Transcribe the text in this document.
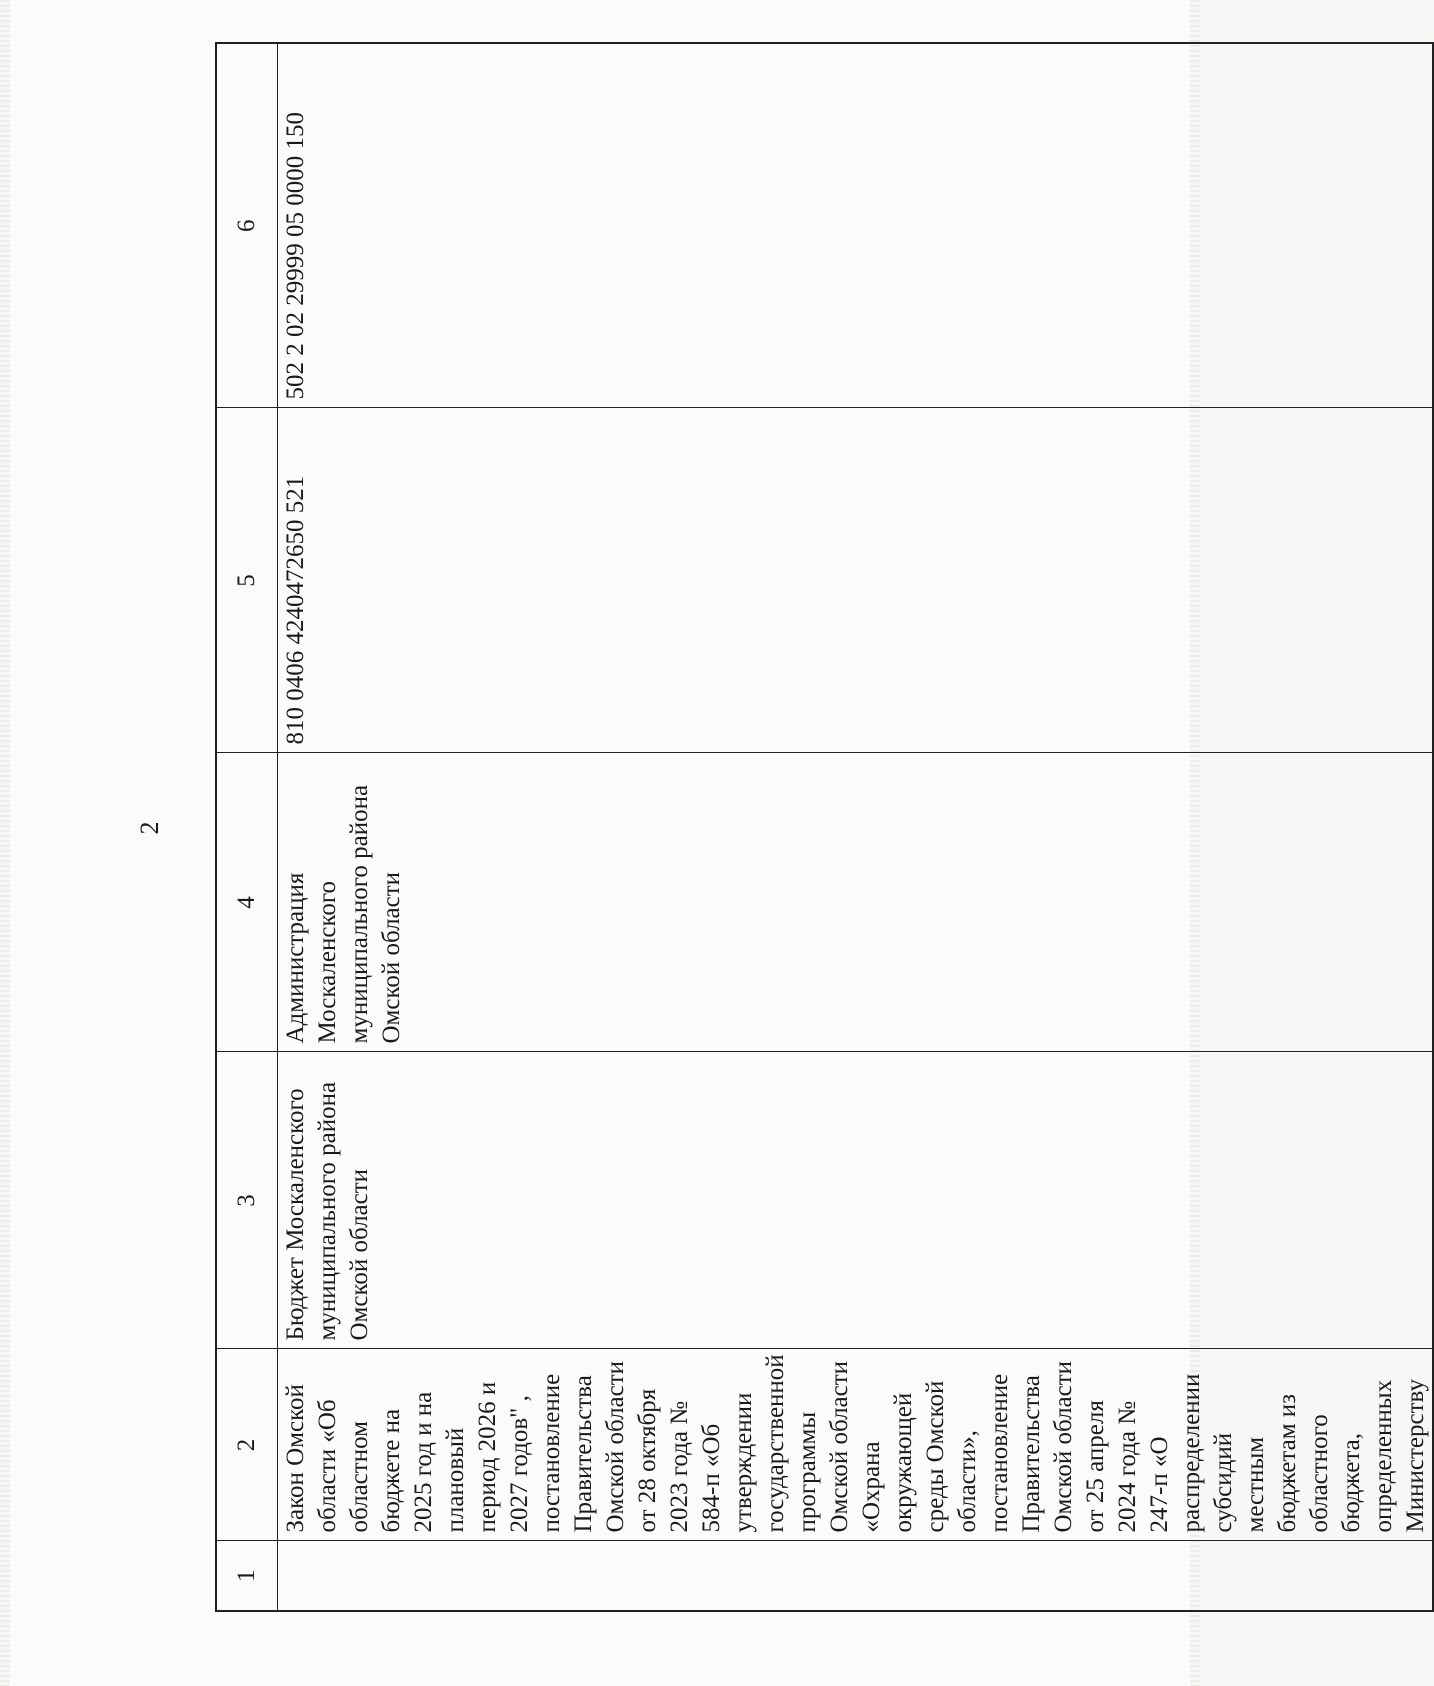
2
1	2	3	4	5	6

	Закон Омской области «Об областном бюджете на 2025 год и на плановый период 2026 и 2027 годов" , постановление Правительства Омской области от 28 октября 2023 года № 584-п «Об утверждении государственной программы Омской области «Охрана окружающей среды Омской области», постановление Правительства Омской области от 25 апреля 2024 года № 247-п «О распределении субсидий местным бюджетам из областного бюджета, определенных Министерству	Бюджет Москаленского муниципального района Омской области	Администрация Москаленского муниципального района Омской области	810 0406 4240472650 521	502 2 02 29999 05 0000 150
